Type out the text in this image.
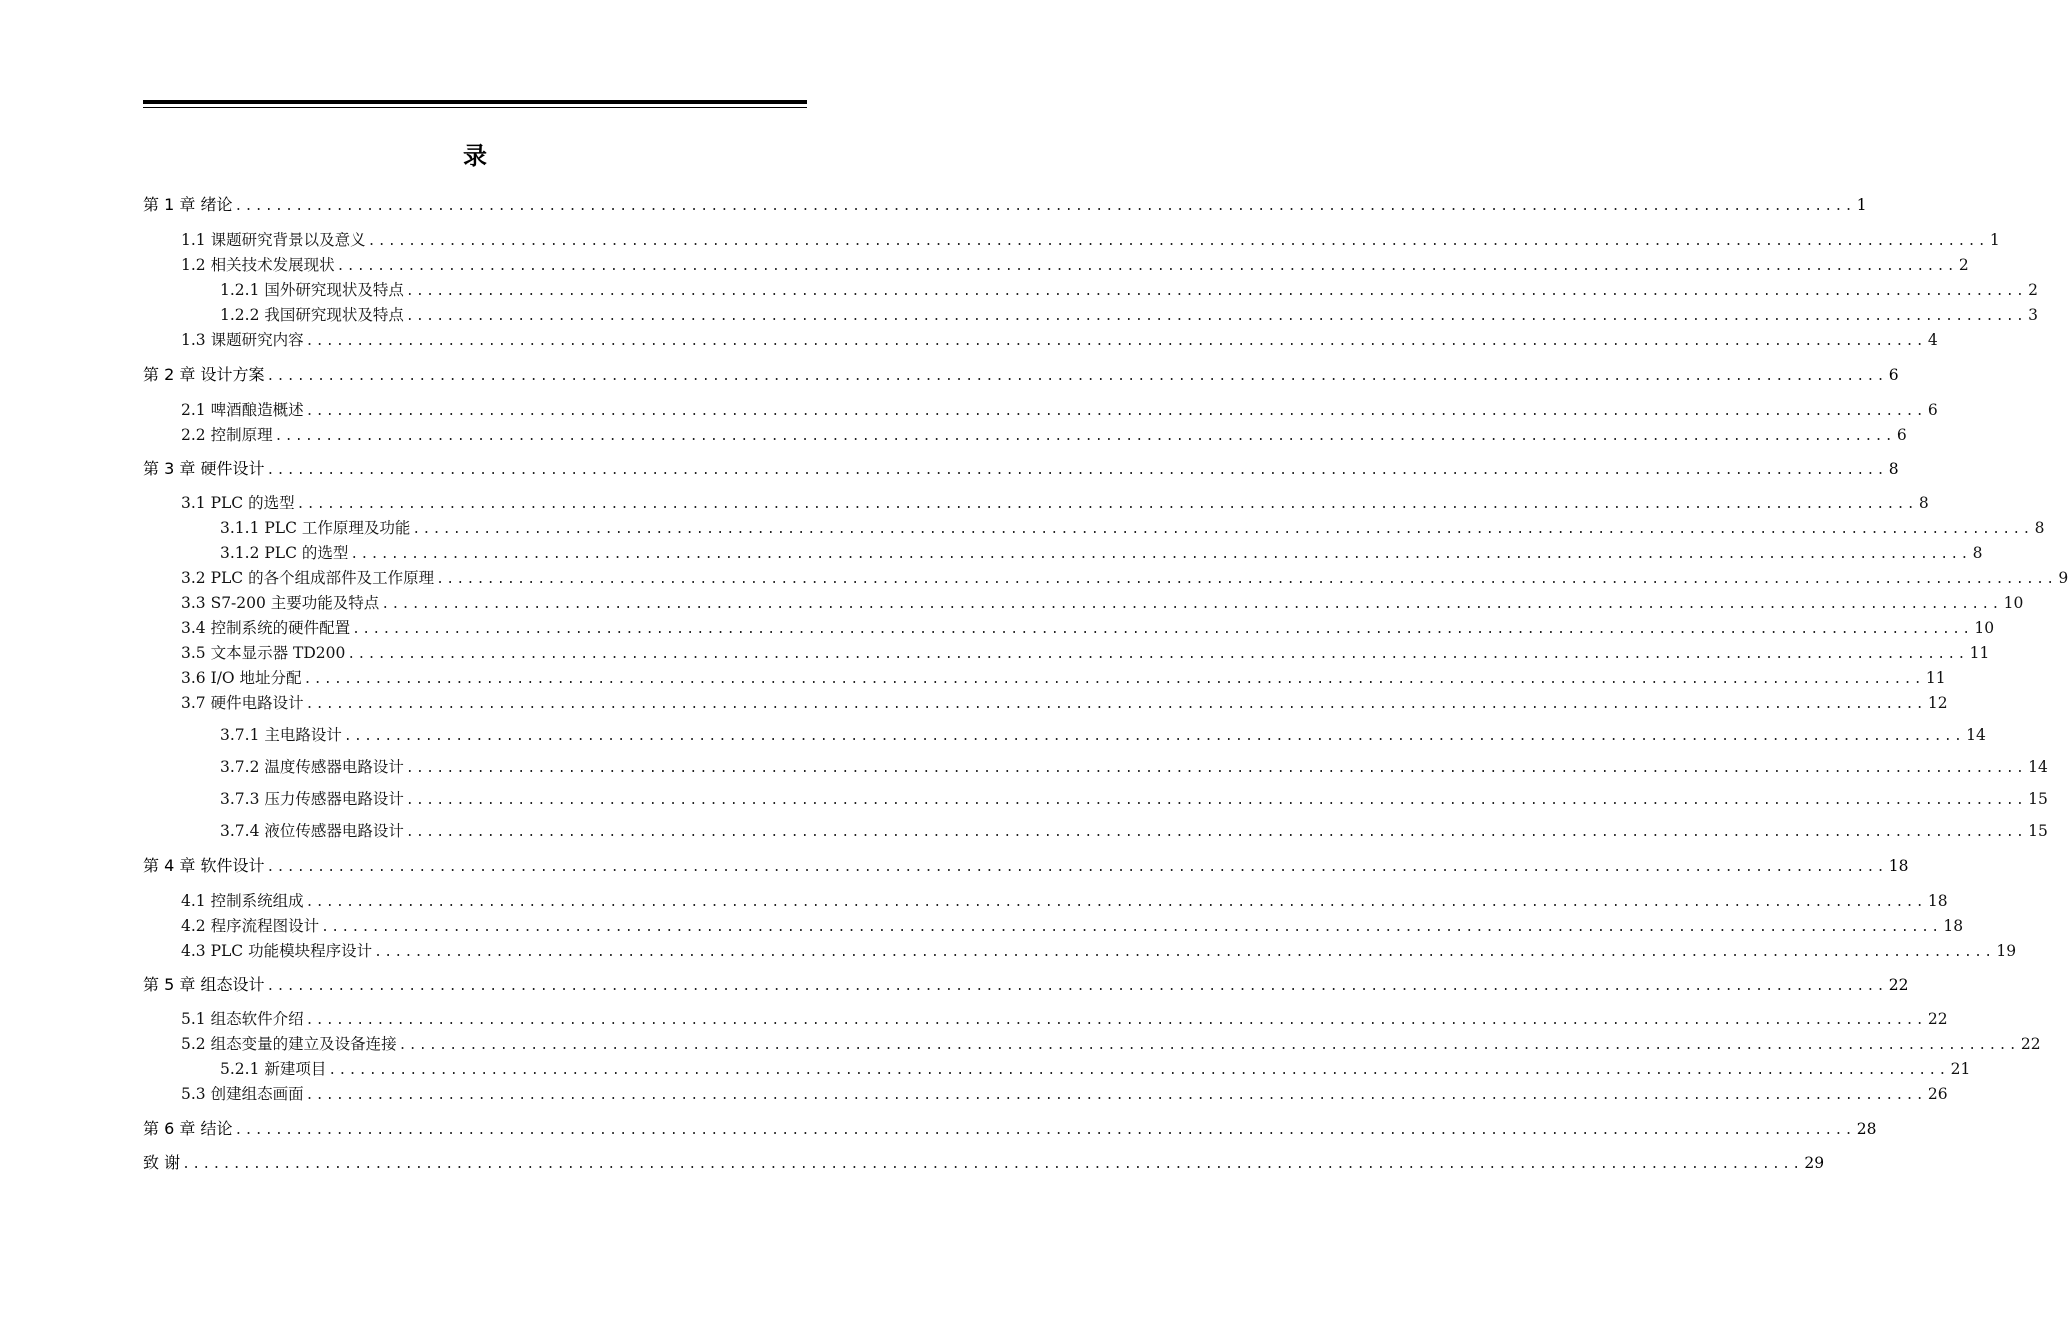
录
第 1 章 绪论 ................................................................................................................................................................ 1
1.1 课题研究背景以及意义 ................................................................................................................................................................ 1
1.2 相关技术发展现状 ................................................................................................................................................................ 2
1.2.1 国外研究现状及特点 ................................................................................................................................................................ 2
1.2.2 我国研究现状及特点 ................................................................................................................................................................ 3
1.3 课题研究内容 ................................................................................................................................................................ 4
第 2 章 设计方案 ................................................................................................................................................................ 6
2.1 啤酒酿造概述 ................................................................................................................................................................ 6
2.2 控制原理 ................................................................................................................................................................ 6
第 3 章 硬件设计 ................................................................................................................................................................ 8
3.1 PLC 的选型 ................................................................................................................................................................ 8
3.1.1 PLC 工作原理及功能 ................................................................................................................................................................ 8
3.1.2 PLC 的选型 ................................................................................................................................................................ 8
3.2 PLC 的各个组成部件及工作原理 ................................................................................................................................................................ 9
3.3 S7-200 主要功能及特点 ................................................................................................................................................................ 10
3.4 控制系统的硬件配置 ................................................................................................................................................................ 10
3.5 文本显示器 TD200 ................................................................................................................................................................ 11
3.6 I/O 地址分配 ................................................................................................................................................................ 11
3.7 硬件电路设计 ................................................................................................................................................................ 12
3.7.1 主电路设计 ................................................................................................................................................................ 14
3.7.2 温度传感器电路设计 ................................................................................................................................................................ 14
3.7.3 压力传感器电路设计 ................................................................................................................................................................ 15
3.7.4 液位传感器电路设计 ................................................................................................................................................................ 15
第 4 章 软件设计 ................................................................................................................................................................ 18
4.1 控制系统组成 ................................................................................................................................................................ 18
4.2 程序流程图设计 ................................................................................................................................................................ 18
4.3 PLC 功能模块程序设计 ................................................................................................................................................................ 19
第 5 章 组态设计 ................................................................................................................................................................ 22
5.1 组态软件介绍 ................................................................................................................................................................ 22
5.2 组态变量的建立及设备连接 ................................................................................................................................................................ 22
5.2.1 新建项目 ................................................................................................................................................................ 21
5.3 创建组态画面 ................................................................................................................................................................ 26
第 6 章 结论 ................................................................................................................................................................ 28
致 谢 ................................................................................................................................................................ 29
